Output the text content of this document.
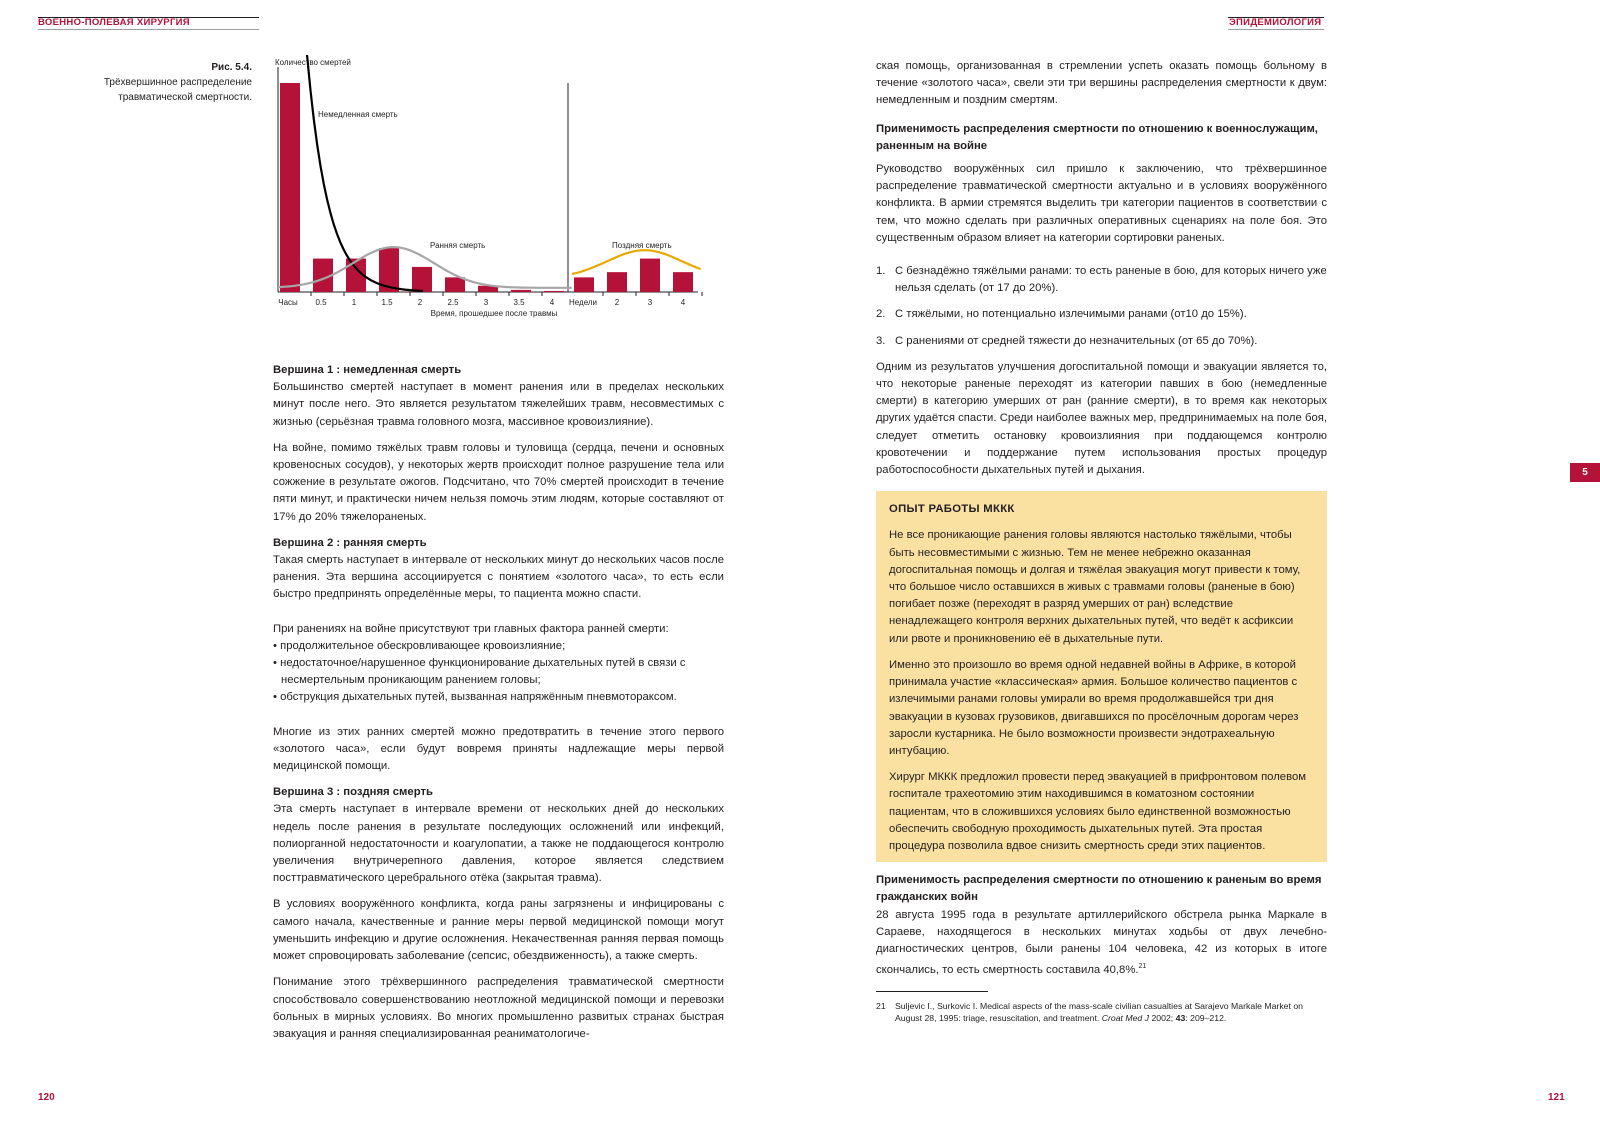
ВОЕННО-ПОЛЕВАЯ ХИРУРГИЯ	ЭПИДЕМИОЛОГИЯ
Рис. 5.4.
Трёхвершинное распределение
травматической смертности.
Количество смертей
0.5	1	1.5	2	2.5	3	3.5	4	2	3	4
Часы	Недели
Время, прошедшее после травмы
Немедленная смерть
Ранняя смерть	Поздняя смерть
Вершина 1 : немедленная смерть

Большинство смертей наступает в момент ранения или в пределах нескольких минут после него. Это является результатом тяжелейших травм, несовместимых с жизнью (серьёзная травма головного мозга, массивное кровоизлияние).

На войне, помимо тяжёлых травм головы и туловища (сердца, печени и основных кровеносных сосудов), у некоторых жертв происходит полное разрушение тела или сожжение в результате ожогов. Подсчитано, что 70% смертей происходит в течение пяти минут, и практически ничем нельзя помочь этим людям, которые составляют от 17% до 20% тяжелораненых.

Вершина 2 : ранняя смерть

Такая смерть наступает в интервале от нескольких минут до нескольких часов после ранения. Эта вершина ассоциируется с понятием «золотого часа», то есть если быстро предпринять определённые меры, то пациента можно спасти.

При ранениях на войне присутствуют три главных фактора ранней смерти:

• продолжительное обескровливающее кровоизлияние;
• недостаточное/нарушенное функционирование дыхательных путей в связи с несмертельным проникающим ранением головы;
• обструкция дыхательных путей, вызванная напряжённым пневмотораксом.

Многие из этих ранних смертей можно предотвратить в течение этого первого «золотого часа», если будут вовремя приняты надлежащие меры первой медицинской помощи.

Вершина 3 : поздняя смерть

Эта смерть наступает в интервале времени от нескольких дней до нескольких недель после ранения в результате последующих осложнений или инфекций, полиорганной недостаточности и коагулопатии, а также не поддающегося контролю увеличения внутричерепного давления, которое является следствием посттравматического церебрального отёка (закрытая травма).

В условиях вооружённого конфликта, когда раны загрязнены и инфицированы с самого начала, качественные и ранние меры первой медицинской помощи могут уменьшить инфекцию и другие осложнения. Некачественная ранняя первая помощь может спровоцировать заболевание (сепсис, обездвиженность), а также смерть.

Понимание этого трёхвершинного распределения травматической смертности способствовало совершенствованию неотложной медицинской помощи и перевозки больных в мирных условиях. Во многих промышленно развитых странах быстрая эвакуация и ранняя специализированная реаниматологиче-

ская помощь, организованная в стремлении успеть оказать помощь больному в течение «золотого часа», свели эти три вершины распределения смертности к двум: немедленным и поздним смертям.

Применимость распределения смертности по отношению к военнослужащим, раненным на войне

Руководство вооружённых сил пришло к заключению, что трёхвершинное распределение травматической смертности актуально и в условиях вооружённого конфликта. В армии стремятся выделить три категории пациентов в соответствии с тем, что можно сделать при различных оперативных сценариях на поле боя. Это существенным образом влияет на категории сортировки раненых.

1. С безнадёжно тяжёлыми ранами: то есть раненые в бою, для которых ничего уже нельзя сделать (от 17 до 20%).
2. С тяжёлыми, но потенциально излечимыми ранами (от10 до 15%).
3. С ранениями от средней тяжести до незначительных (от 65 до 70%).

Одним из результатов улучшения догоспитальной помощи и эвакуации является то, что некоторые раненые переходят из категории павших в бою (немедленные смерти) в категорию умерших от ран (ранние смерти), в то время как некоторых других удаётся спасти. Среди наиболее важных мер, предпринимаемых на поле боя, следует отметить остановку кровоизлияния при поддающемся контролю кровотечении и поддержание путем использования простых процедур работоспособности дыхательных путей и дыхания.

ОПЫТ РАБОТЫ МККК

Не все проникающие ранения головы являются настолько тяжёлыми, чтобы быть несовместимыми с жизнью. Тем не менее небрежно оказанная догоспитальная помощь и долгая и тяжёлая эвакуация могут привести к тому, что большое число оставшихся в живых с травмами головы (раненые в бою) погибает позже (переходят в разряд умерших от ран) вследствие ненадлежащего контроля верхних дыхательных путей, что ведёт к асфиксии или рвоте и проникновению её в дыхательные пути.

Именно это произошло во время одной недавней войны в Африке, в которой принимала участие «классическая» армия. Большое количество пациентов с излечимыми ранами головы умирали во время продолжавшейся три дня эвакуации в кузовах грузовиков, двигавшихся по просёлочным дорогам через заросли кустарника. Не было возможности произвести эндотрахеальную интубацию.

Хирург МККК предложил провести перед эвакуацией в прифронтовом полевом госпитале трахеотомию этим находившимся в коматозном состоянии пациентам, что в сложившихся условиях было единственной возможностью обеспечить свободную проходимость дыхательных путей. Эта простая процедура позволила вдвое снизить смертность среди этих пациентов.

Применимость распределения смертности по отношению к раненым во время гражданских войн

28 августа 1995 года в результате артиллерийского обстрела рынка Маркале в Сараеве, находящегося в нескольких минутах ходьбы от двух лечебно-диагностических центров, были ранены 104 человека, 42 из которых в итоге скончались, то есть смертность составила 40,8%.$^{21}$

21	Suljevic I., Surkovic I. Medical aspects of the mass-scale civilian casualties at Sarajevo Markale Market on August 28, 1995: triage, resuscitation, and treatment. Croat Med J 2002; 43: 209–212.
5
120	121
